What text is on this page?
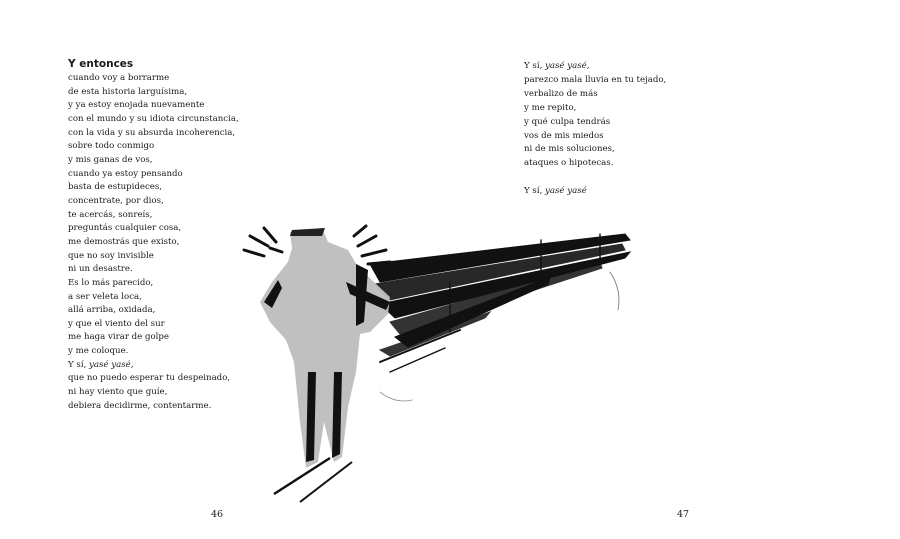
Y entonces
cuando voy a borrarme
de esta historia larguísima,
y ya estoy enojada nuevamente
con el mundo y su idiota circunstancia,
con la vida y su absurda incoherencia,
sobre todo conmigo
y mis ganas de vos,
cuando ya estoy pensando
basta de estupideces,
concentrate, por dios,
te acercás, sonreís,
preguntás cualquier cosa,
me demostrás que existo,
que no soy invisible
ni un desastre.
Es lo más parecido,
a ser veleta loca,
allá arriba, oxidada,
y que el viento del sur
me haga virar de golpe
y me coloque.
Y sí, yasé yasé,
que no puedo esperar tu despeinado,
ni hay viento que guíe,
debiera decidirme, contentarme.
46
Y sí, yasé yasé,
parezco mala lluvia en tu tejado,
verbalizo de más
y me repito,
y qué culpa tendrás
vos de mis miedos
ni de mis soluciones,
ataques o hipotecas.
Y sí, yasé yasé
47
